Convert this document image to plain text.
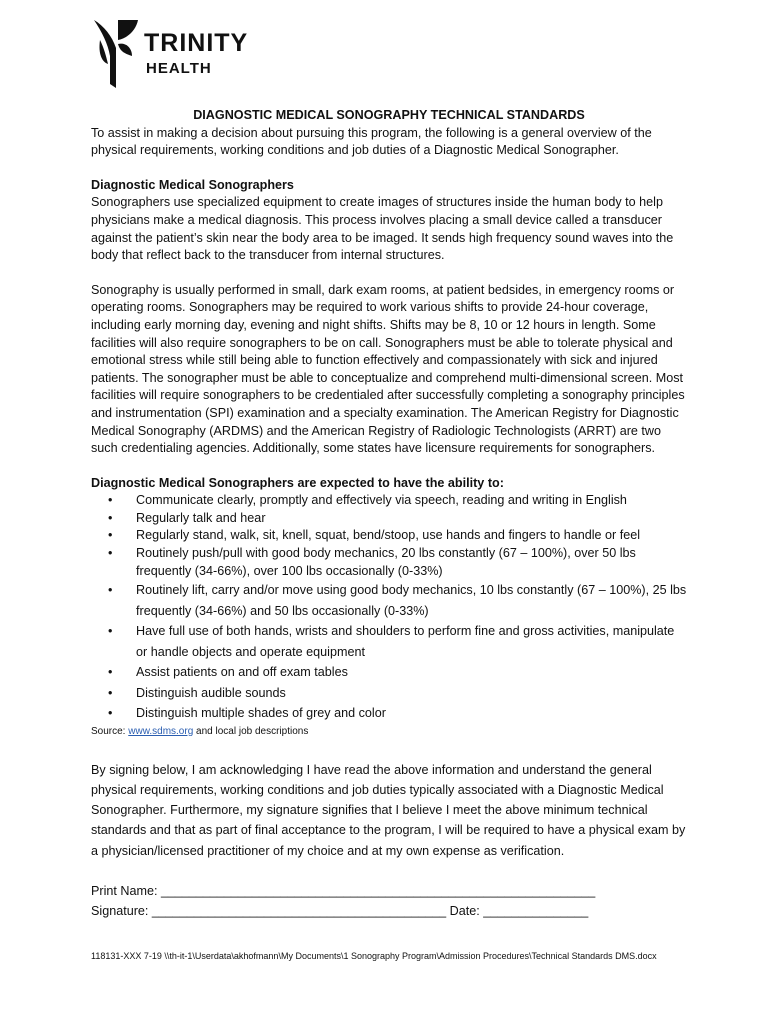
TRINITY
HEALTH

DIAGNOSTIC MEDICAL SONOGRAPHY TECHNICAL STANDARDS

To assist in making a decision about pursuing this program, the following is a general overview of the physical requirements, working conditions and job duties of a Diagnostic Medical Sonographer.

Diagnostic Medical Sonographers

Sonographers use specialized equipment to create images of structures inside the human body to help physicians make a medical diagnosis. This process involves placing a small device called a transducer against the patient’s skin near the body area to be imaged. It sends high frequency sound waves into the body that reflect back to the transducer from internal structures.

Sonography is usually performed in small, dark exam rooms, at patient bedsides, in emergency rooms or operating rooms. Sonographers may be required to work various shifts to provide 24-hour coverage, including early morning day, evening and night shifts. Shifts may be 8, 10 or 12 hours in length. Some facilities will also require sonographers to be on call. Sonographers must be able to tolerate physical and emotional stress while still being able to function effectively and compassionately with sick and injured patients. The sonographer must be able to conceptualize and comprehend multi-dimensional screen. Most facilities will require sonographers to be credentialed after successfully completing a sonography principles and instrumentation (SPI) examination and a specialty examination. The American Registry for Diagnostic Medical Sonography (ARDMS) and the American Registry of Radiologic Technologists (ARRT) are two such credentialing agencies. Additionally, some states have licensure requirements for sonographers.

Diagnostic Medical Sonographers are expected to have the ability to:

• Communicate clearly, promptly and effectively via speech, reading and writing in English
• Regularly talk and hear
• Regularly stand, walk, sit, knell, squat, bend/stoop, use hands and fingers to handle or feel
• Routinely push/pull with good body mechanics, 20 lbs constantly (67 – 100%), over 50 lbs frequently (34-66%), over 100 lbs occasionally (0-33%)
• Routinely lift, carry and/or move using good body mechanics, 10 lbs constantly (67 – 100%), 25 lbs frequently (34-66%) and 50 lbs occasionally (0-33%)
• Have full use of both hands, wrists and shoulders to perform fine and gross activities, manipulate or handle objects and operate equipment
• Assist patients on and off exam tables
• Distinguish audible sounds
• Distinguish multiple shades of grey and color

Source: www.sdms.org and local job descriptions

By signing below, I am acknowledging I have read the above information and understand the general physical requirements, working conditions and job duties typically associated with a Diagnostic Medical Sonographer. Furthermore, my signature signifies that I believe I meet the above minimum technical standards and that as part of final acceptance to the program, I will be required to have a physical exam by a physician/licensed practitioner of my choice and at my own expense as verification.

Print Name: ______________________________________________________________

Signature: __________________________________________ Date: _______________

118131-XXX 7-19 \\th-it-1\Userdata\akhofmann\My Documents\1 Sonography Program\Admission Procedures\Technical Standards DMS.docx
